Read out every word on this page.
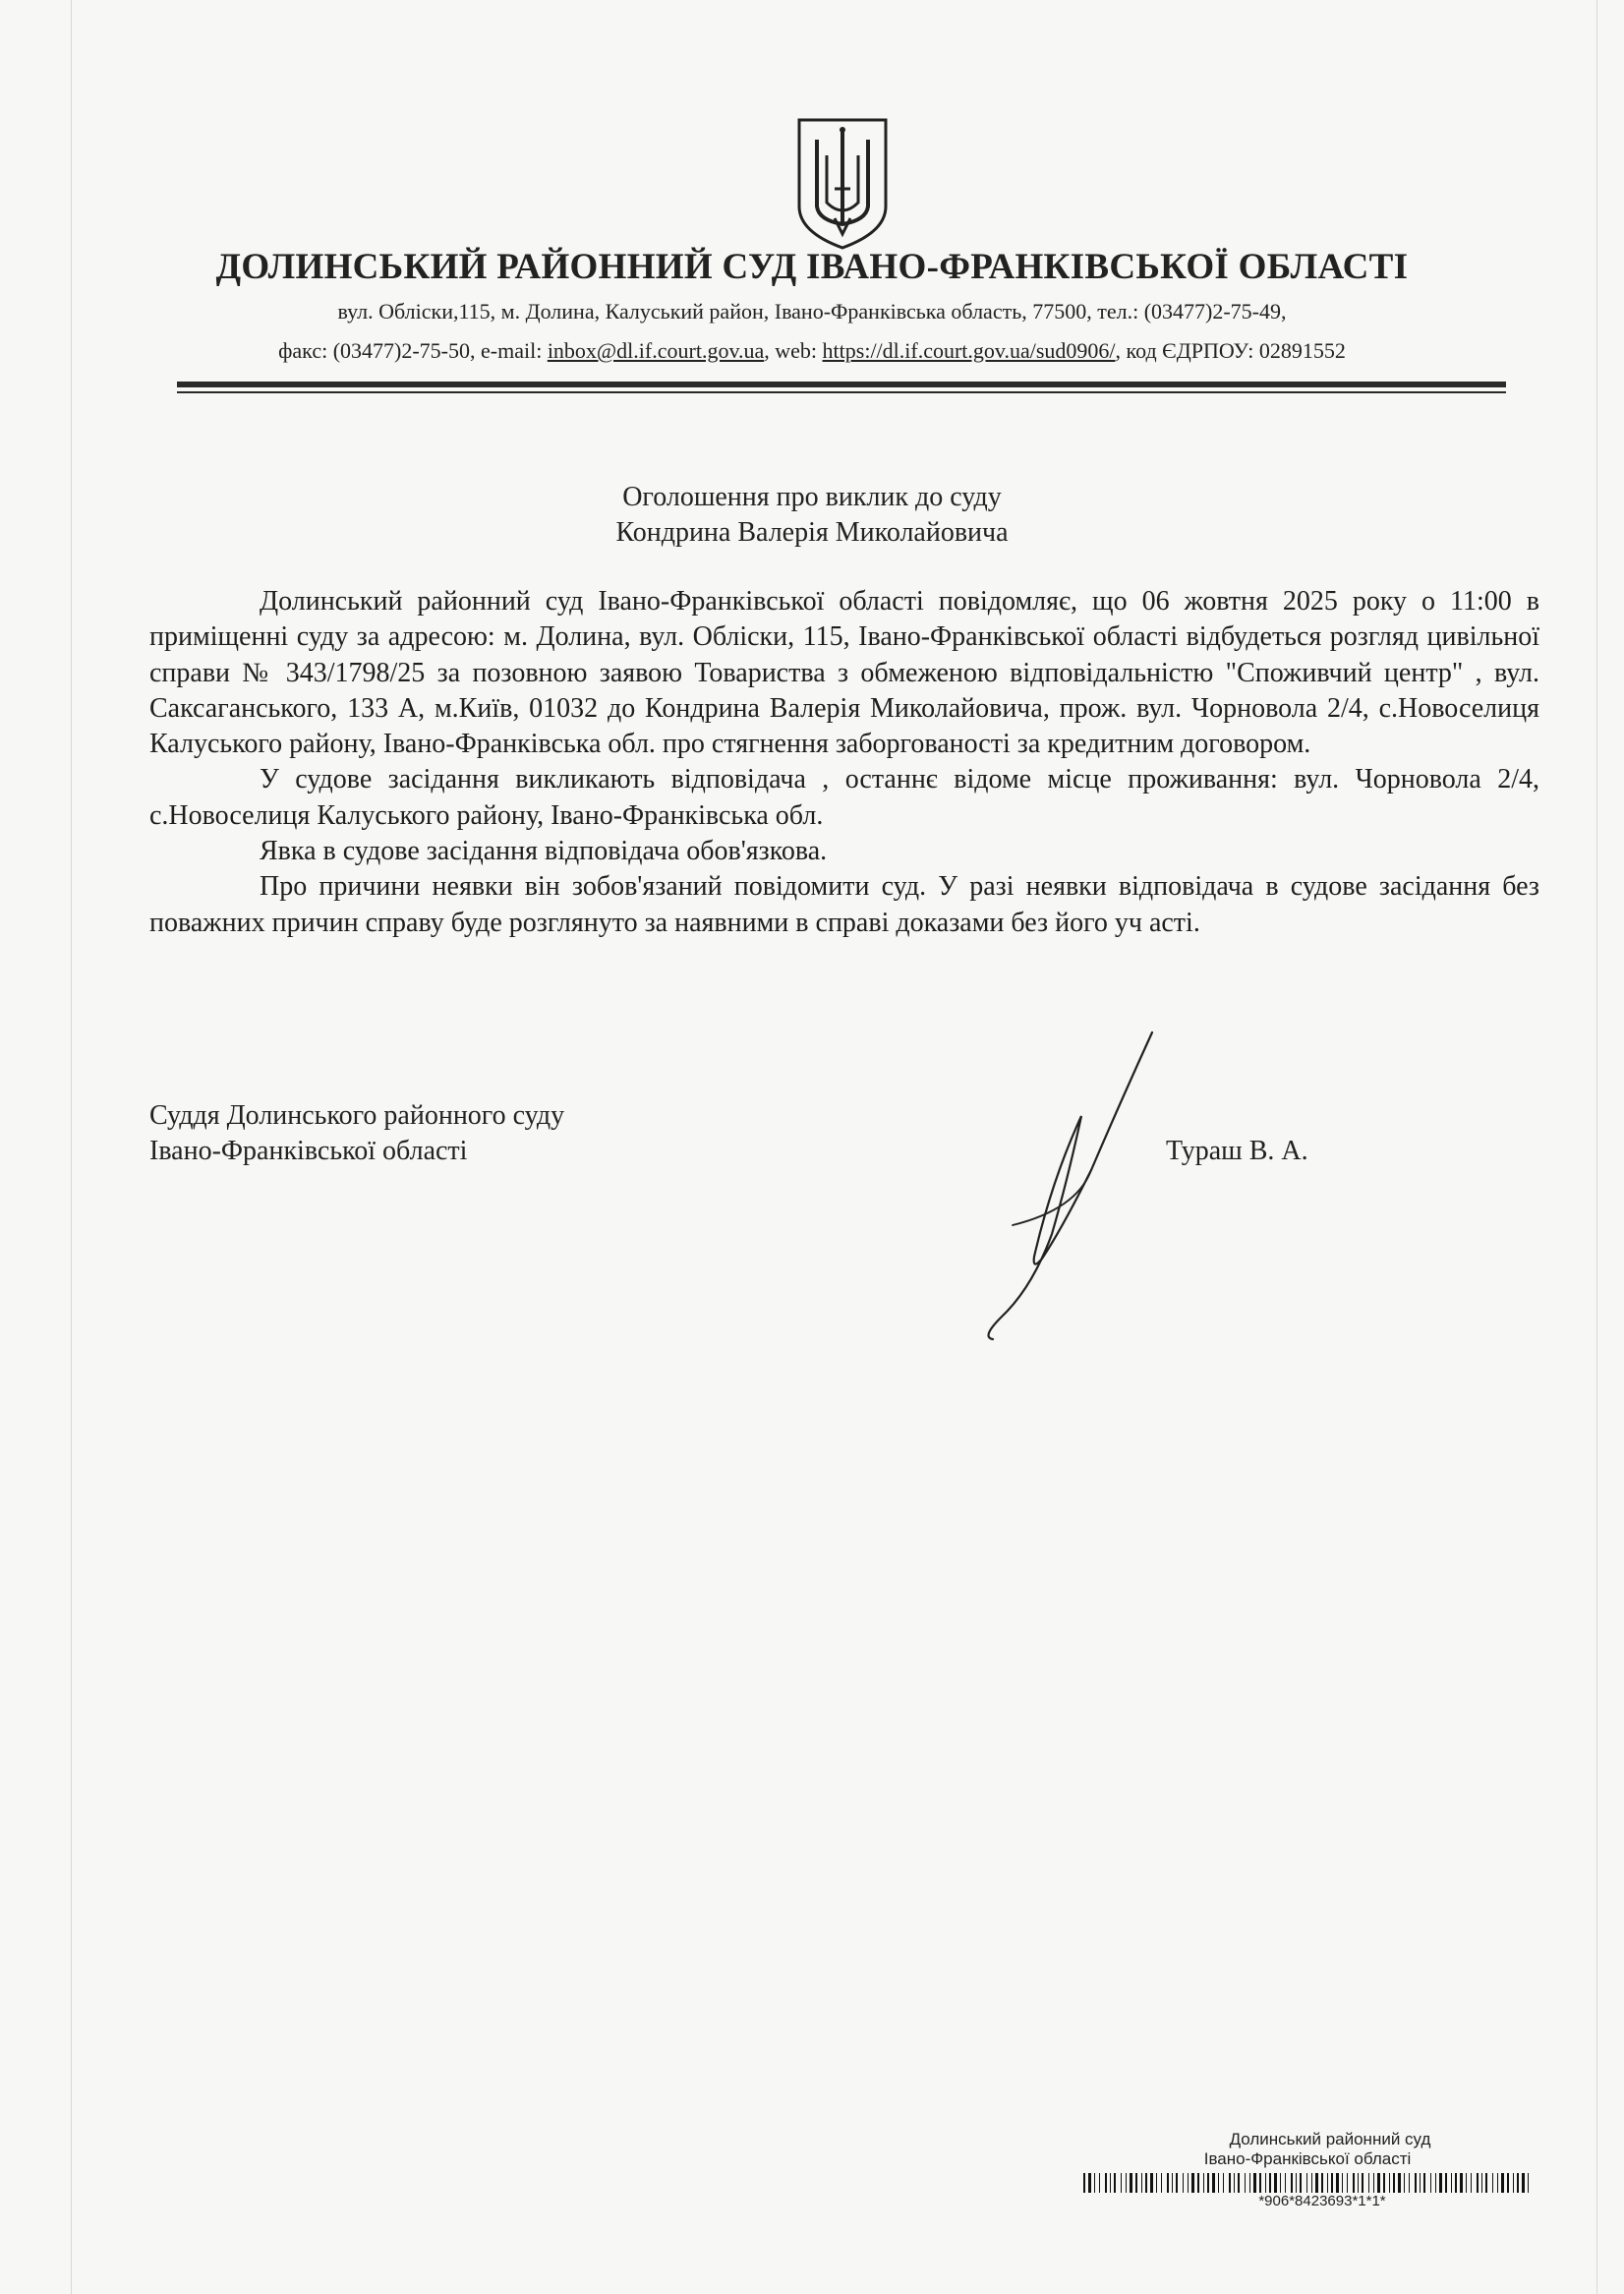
ДОЛИНСЬКИЙ РАЙОННИЙ СУД ІВАНО-ФРАНКІВСЬКОЇ ОБЛАСТІ
вул. Обліски,115, м. Долина, Калуський район, Івано-Франківська область, 77500, тел.: (03477)2-75-49,
факс: (03477)2-75-50, e-mail: inbox@dl.if.court.gov.ua, web: https://dl.if.court.gov.ua/sud0906/, код ЄДРПОУ: 02891552
Оголошення про виклик до суду
Кондрина Валерія Миколайовича

Долинський районний суд Івано-Франківської області повідомляє, що 06 жовтня 2025 року о 11:00 в приміщенні суду за адресою: м. Долина, вул. Обліски, 115, Івано-Франківської області відбудеться розгляд цивільної справи № 343/1798/25 за позовною заявою Товариства з обмеженою відповідальністю "Споживчий центр" , вул. Саксаганського, 133 А, м.Київ, 01032 до Кондрина Валерія Миколайовича, прож. вул. Чорновола 2/4, с.Новоселиця Калуського району, Івано-Франківська обл. про стягнення заборгованості за кредитним договором.

У судове засідання викликають відповідача , останнє відоме місце проживання: вул. Чорновола 2/4, с.Новоселиця Калуського району, Івано-Франківська обл.

Явка в судове засідання відповідача обов'язкова.

Про причини неявки він зобов'язаний повідомити суд. У разі неявки відповідача в судове засідання без поважних причин справу буде розглянуто за наявними в справі доказами без його уч асті.

Суддя Долинського районного суду
Івано-Франківської області	Тураш В. А.
Долинський районний суд
Івано-Франківської області
*906*8423693*1*1*
